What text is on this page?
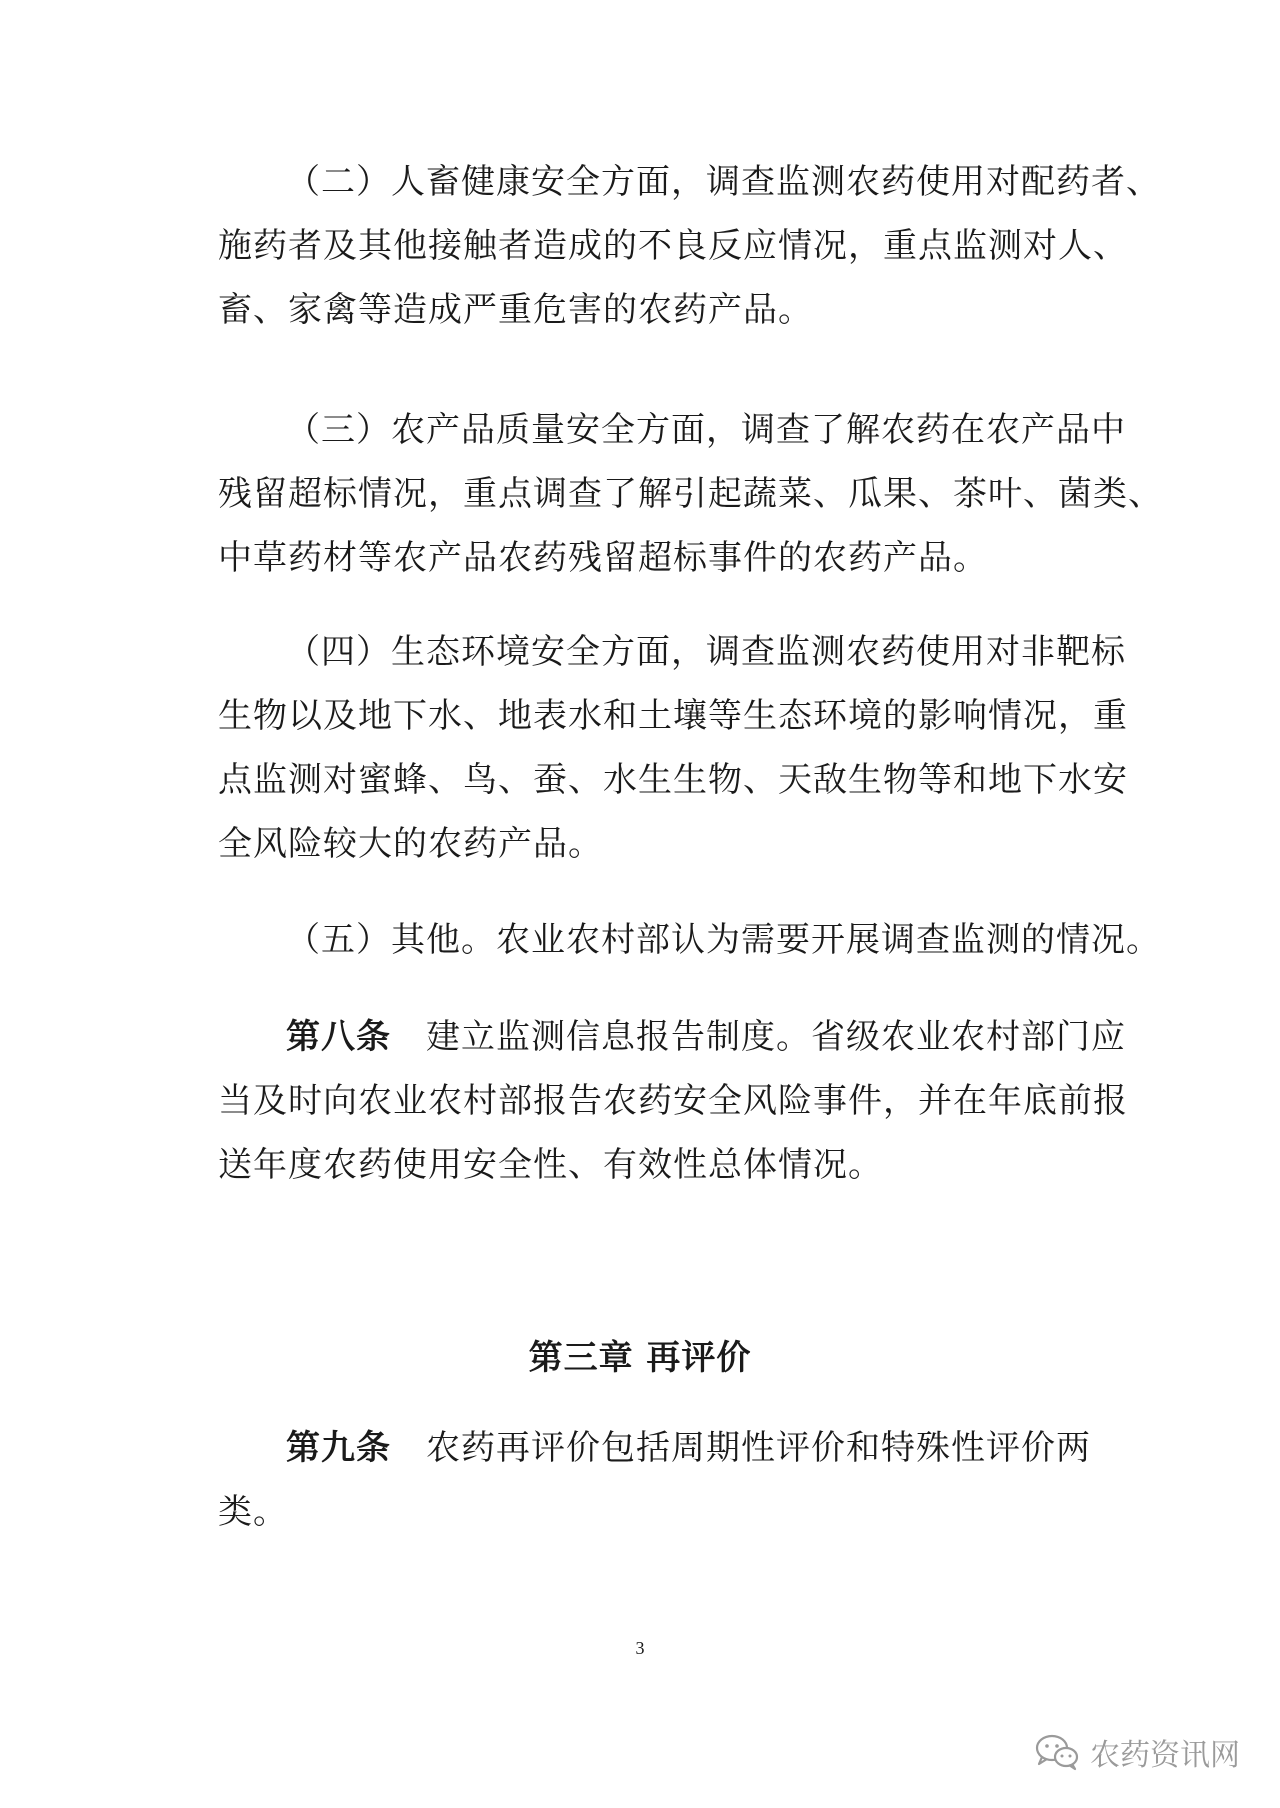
（二）人畜健康安全方面，调查监测农药使用对配药者、
施药者及其他接触者造成的不良反应情况，重点监测对人、
畜、家禽等造成严重危害的农药产品。

（三）农产品质量安全方面，调查了解农药在农产品中
残留超标情况，重点调查了解引起蔬菜、瓜果、茶叶、菌类、
中草药材等农产品农药残留超标事件的农药产品。

（四）生态环境安全方面，调查监测农药使用对非靶标
生物以及地下水、地表水和土壤等生态环境的影响情况，重
点监测对蜜蜂、鸟、蚕、水生生物、天敌生物等和地下水安
全风险较大的农药产品。

（五）其他。农业农村部认为需要开展调查监测的情况。

第八条　 建立监测信息报告制度。省级农业农村部门应
当及时向农业农村部报告农药安全风险事件，并在年底前报
送年度农药使用安全性、有效性总体情况。

第三章 再评价

第九条　 农药再评价包括周期性评价和特殊性评价两
类。

3
农药资讯网
